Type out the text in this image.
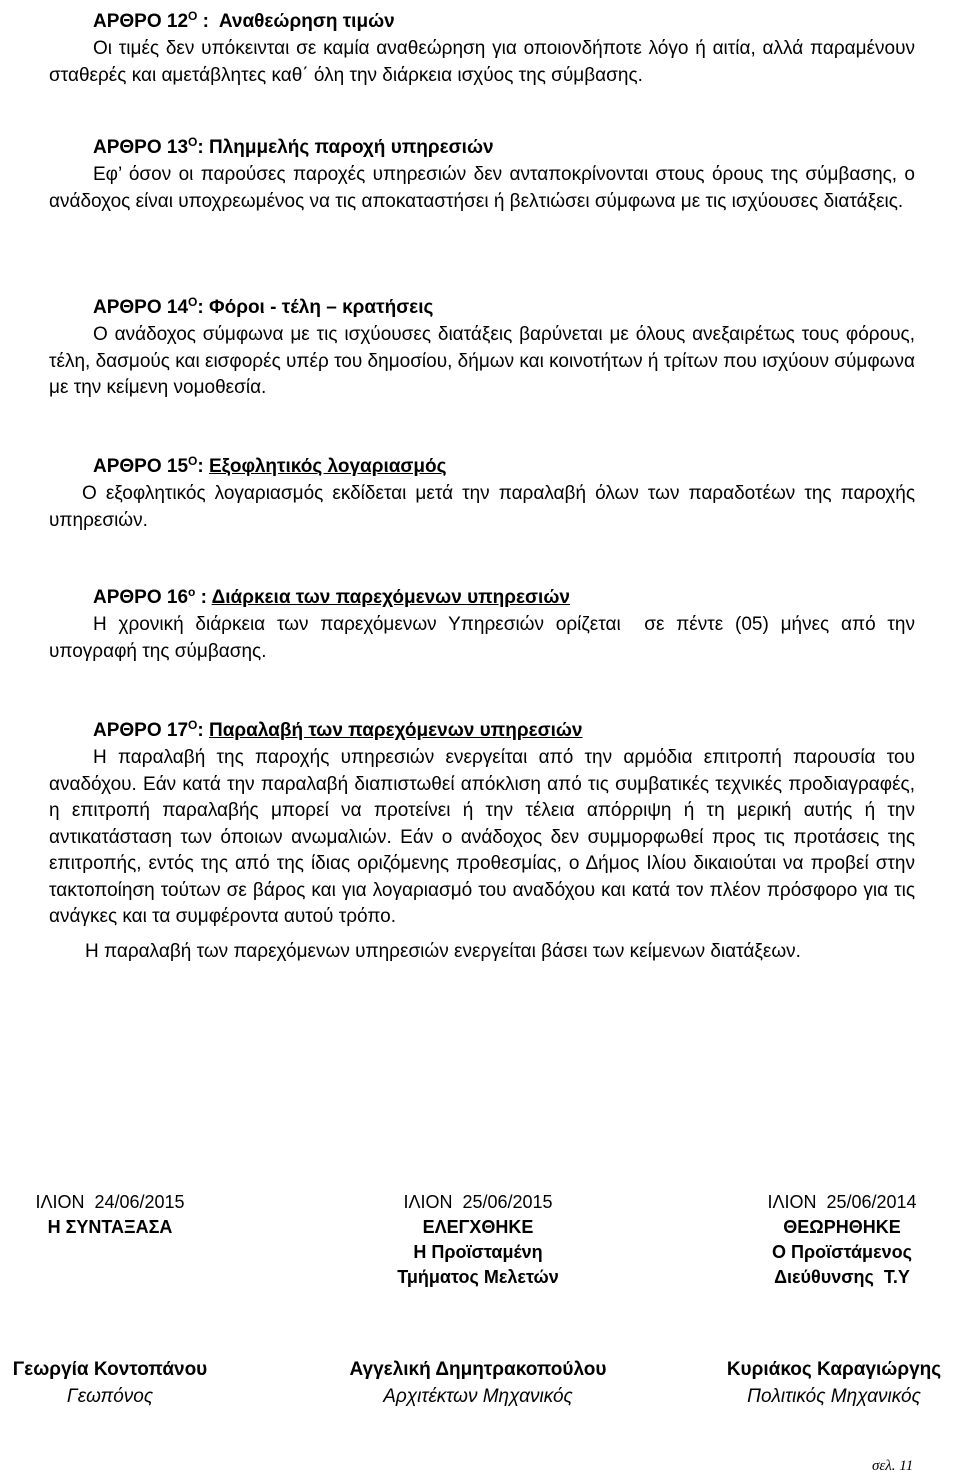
ΑΡΘΡΟ $12^O$ :  Αναθεώρηση τιμών
Οι τιμές δεν υπόκεινται σε καμία αναθεώρηση για οποιονδήποτε λόγο ή αιτία, αλλά παραμένουν σταθερές και αμετάβλητες καθ΄ όλη την διάρκεια ισχύος της σύμβασης.
ΑΡΘΡΟ $13^O$: Πλημμελής παροχή υπηρεσιών
Εφ’ όσον οι παρούσες παροχές υπηρεσιών δεν ανταποκρίνονται στους όρους της σύμβασης, ο ανάδοχος είναι υποχρεωμένος να τις αποκαταστήσει ή βελτιώσει σύμφωνα με τις ισχύουσες διατάξεις.
ΑΡΘΡΟ $14^O$: Φόροι - τέλη – κρατήσεις
Ο ανάδοχος σύμφωνα με τις ισχύουσες διατάξεις βαρύνεται με όλους ανεξαιρέτως τους φόρους, τέλη, δασμούς και εισφορές υπέρ του δημοσίου, δήμων και κοινοτήτων ή τρίτων που ισχύουν σύμφωνα με την κείμενη νομοθεσία.
ΑΡΘΡΟ $15^O$: Εξοφλητικός λογαριασμός
Ο εξοφλητικός λογαριασμός εκδίδεται μετά την παραλαβή όλων των παραδοτέων της παροχής υπηρεσιών.
ΑΡΘΡΟ $16^o$ : Διάρκεια των παρεχόμενων υπηρεσιών
Η χρονική διάρκεια των παρεχόμενων Υπηρεσιών ορίζεται  σε πέντε (05) μήνες από την υπογραφή της σύμβασης.
ΑΡΘΡΟ $17^O$: Παραλαβή των παρεχόμενων υπηρεσιών
Η παραλαβή της παροχής υπηρεσιών ενεργείται από την αρμόδια επιτροπή παρουσία του αναδόχου. Εάν κατά την παραλαβή διαπιστωθεί απόκλιση από τις συμβατικές τεχνικές προδιαγραφές, η επιτροπή παραλαβής μπορεί να προτείνει ή την τέλεια απόρριψη ή τη μερική αυτής ή την αντικατάσταση των όποιων ανωμαλιών. Εάν ο ανάδοχος δεν συμμορφωθεί προς τις προτάσεις της επιτροπής, εντός της από της ίδιας οριζόμενης προθεσμίας, ο Δήμος Ιλίου δικαιούται να προβεί στην τακτοποίηση τούτων σε βάρος και για λογαριασμό του αναδόχου και κατά τον πλέον πρόσφορο για τις ανάγκες και τα συμφέροντα αυτού τρόπο.
Η παραλαβή των παρεχόμενων υπηρεσιών ενεργείται βάσει των κείμενων διατάξεων.
ΙΛΙΟΝ  24/06/2015
Η ΣΥΝΤΑΞΑΣΑ
ΙΛΙΟΝ  25/06/2015
ΕΛΕΓΧΘΗΚΕ
Η Προϊσταμένη
Τμήματος Μελετών
ΙΛΙΟΝ  25/06/2014
ΘΕΩΡΗΘΗΚΕ
Ο Προϊστάμενος
Διεύθυνσης  Τ.Υ
Γεωργία Κοντοπάνου
Γεωπόνος
Αγγελική Δημητρακοπούλου
Αρχιτέκτων Μηχανικός
Κυριάκος Καραγιώργης
Πολιτικός Μηχανικός
σελ. 11
